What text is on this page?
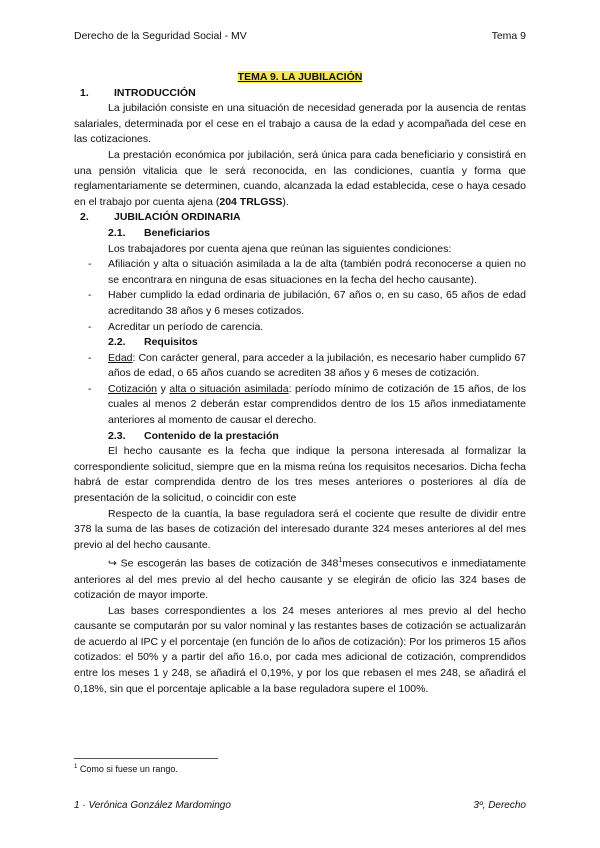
Derecho de la Seguridad Social - MV	Tema 9

TEMA 9. LA JUBILACIÓN

1.	INTRODUCCIÓN

La jubilación consiste en una situación de necesidad generada por la ausencia de rentas salariales, determinada por el cese en el trabajo a causa de la edad y acompañada del cese en las cotizaciones.

La prestación económica por jubilación, será única para cada beneficiario y consistirá en una pensión vitalicia que le será reconocida, en las condiciones, cuantía y forma que reglamentariamente se determinen, cuando, alcanzada la edad establecida, cese o haya cesado en el trabajo por cuenta ajena (204 TRLGSS).

2.	JUBILACIÓN ORDINARIA

2.1.	Beneficiarios

Los trabajadores por cuenta ajena que reúnan las siguientes condiciones:

- Afiliación y alta o situación asimilada a la de alta (también podrá reconocerse a quien no se encontrara en ninguna de esas situaciones en la fecha del hecho causante).
- Haber cumplido la edad ordinaria de jubilación, 67 años o, en su caso, 65 años de edad acreditando 38 años y 6 meses cotizados.
- Acreditar un período de carencia.

2.2.	Requisitos

- Edad: Con carácter general, para acceder a la jubilación, es necesario haber cumplido 67 años de edad, o 65 años cuando se acrediten 38 años y 6 meses de cotización.
- Cotización y alta o situación asimilada: período mínimo de cotización de 15 años, de los cuales al menos 2 deberán estar comprendidos dentro de los 15 años inmediatamente anteriores al momento de causar el derecho.

2.3.	Contenido de la prestación

El hecho causante es la fecha que indique la persona interesada al formalizar la correspondiente solicitud, siempre que en la misma reúna los requisitos necesarios. Dicha fecha habrá de estar comprendida dentro de los tres meses anteriores o posteriores al día de presentación de la solicitud, o coincidir con este

Respecto de la cuantía, la base reguladora será el cociente que resulte de dividir entre 378 la suma de las bases de cotización del interesado durante 324 meses anteriores al del mes previo al del hecho causante.

↪ Se escogerán las bases de cotización de 348$^1$meses consecutivos e inmediatamente anteriores al del mes previo al del hecho causante y se elegirán de oficio las 324 bases de cotización de mayor importe.

Las bases correspondientes a los 24 meses anteriores al mes previo al del hecho causante se computarán por su valor nominal y las restantes bases de cotización se actualizarán de acuerdo al IPC y el porcentaje (en función de lo años de cotización): Por los primeros 15 años cotizados: el 50% y a partir del año 16.o, por cada mes adicional de cotización, comprendidos entre los meses 1 y 248, se añadirá el 0,19%, y por los que rebasen el mes 248, se añadirá el 0,18%, sin que el porcentaje aplicable a la base reguladora supere el 100%.

$^1$ Como si fuese un rango.
1 · Verónica González Mardomingo	3º, Derecho
